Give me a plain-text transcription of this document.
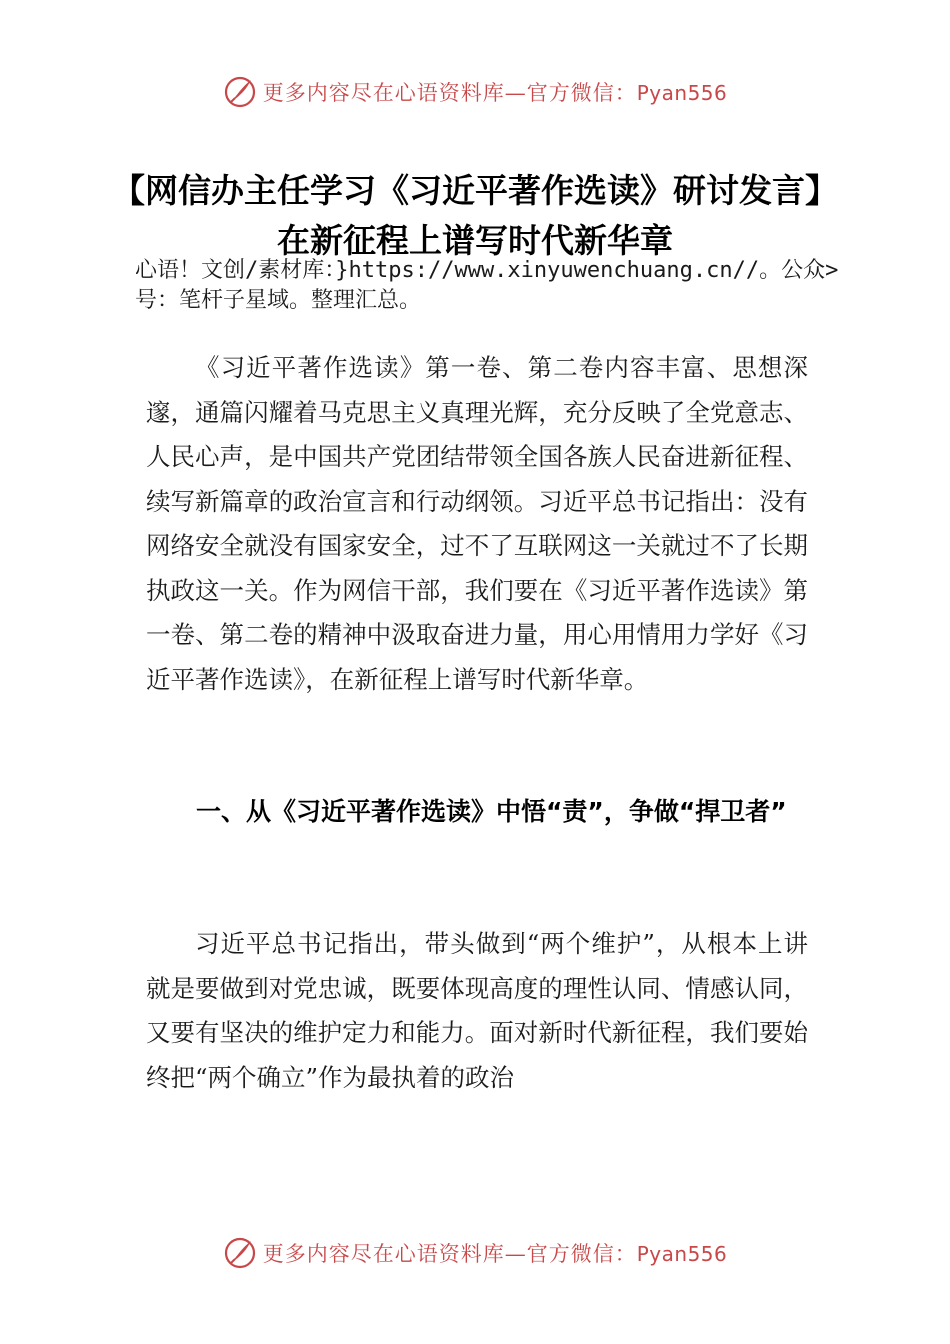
更多内容尽在心语资料库—官方微信：Pyan556
【网信办主任学习《习近平著作选读》研讨发言】在新征程上谱写时代新华章
心语！文创/素材库：}https://www.xinyuwenchuang.cn//。公众>号：笔杆子星域。整理汇总。

《习近平著作选读》第一卷、第二卷内容丰富、思想深邃，通篇闪耀着马克思主义真理光辉，充分反映了全党意志、人民心声，是中国共产党团结带领全国各族人民奋进新征程、续写新篇章的政治宣言和行动纲领。习近平总书记指出：没有网络安全就没有国家安全，过不了互联网这一关就过不了长期执政这一关。作为网信干部，我们要在《习近平著作选读》第一卷、第二卷的精神中汲取奋进力量，用心用情用力学好《习近平著作选读》，在新征程上谱写时代新华章。

一、从《习近平著作选读》中悟“责”，争做“捍卫者”

习近平总书记指出，带头做到“两个维护”，从根本上讲就是要做到对党忠诚，既要体现高度的理性认同、情感认同，又要有坚决的维护定力和能力。面对新时代新征程，我们要始终把“两个确立”作为最执着的政治

更多内容尽在心语资料库—官方微信：Pyan556
